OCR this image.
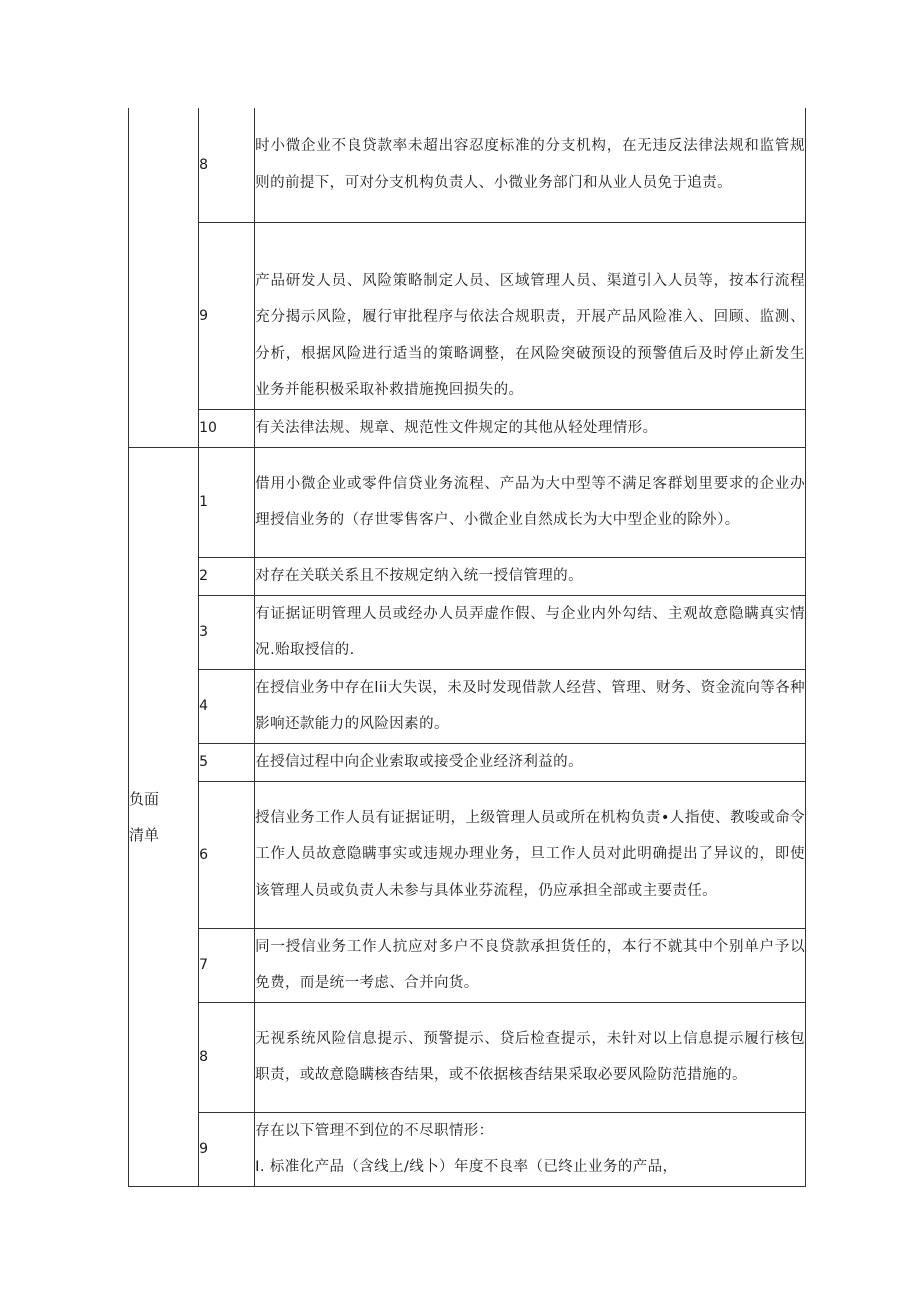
	8	时小微企业不良贷款率未超出容忍度标准的分支机构，在无违反法律法规和监管规则的前提下，可对分支机构负责人、小微业务部门和从业人员免于追责。
	9	产品研发人员、风险策略制定人员、区域管理人员、渠道引入人员等，按本行流程充分揭示风险，履行审批程序与依法合规职责，开展产品风险准入、回顾、监测、分析，根据风险进行适当的策略调整，在风险突破预设的预警值后及时停止新发生业务并能积极采取补救措施挽回损失的。
	10	有关法律法规、规章、规范性文件规定的其他从轻处理情形。

负面
清单	1	借用小微企业或零件信贷业务流程、产品为大中型等不满足客群划里要求的企业办理授信业务的（存世零售客户、小微企业自然成长为大中型企业的除外）。
	2	对存在关联关系且不按规定纳入统一授信管理的。
	3	有证据证明管理人员或经办人员弄虚作假、与企业内外勾结、主观故意隐瞒真实情况.贻取授信的.
	4	在授信业务中存在lii大失误，未及时发现借款人经营、管理、财务、资金流向等各种影响还款能力的风险因素的。
	5	在授信过程中向企业索取或接受企业经济利益的。
	6	授信业务工作人员有证据证明，上级管理人员或所在机构负责•人指使、教唆或命令工作人员故意隐瞒事实或违规办理业务，旦工作人员对此明确提出了异议的，即使该管理人员或负责人未参与具体业芬流程，仍应承担全部或主要责任。
	7	同一授信业务工作人抗应对多户不良贷款承担货任的，本行不就其中个别单户予以免费，而是统一考虑、合并向货。
	8	无视系统风险信息提示、预警提示、贷后检查提示，未针对以上信息提示履行核包职责，或故意隐瞒核杳结果，或不依据核杳结果采取必要风险防范措施的。
	9	存在以下管理不到位的不尽职情形：
I. 标准化产品（含线上/线卜）年度不良率（已终止业务的产品，
